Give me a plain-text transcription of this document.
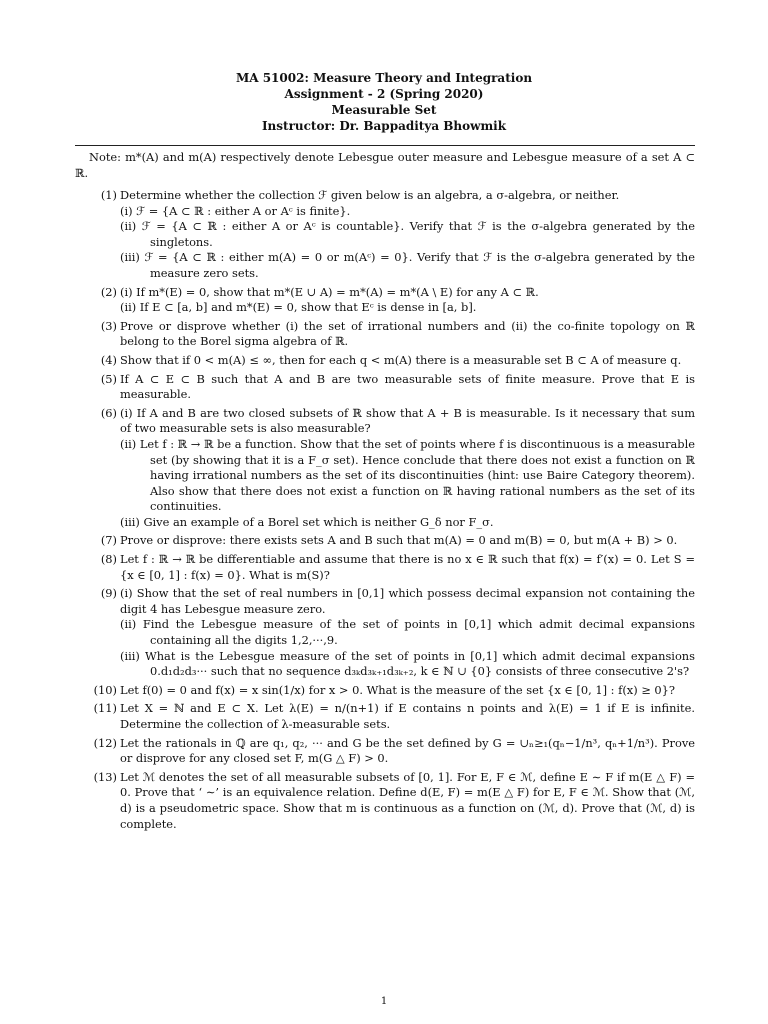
MA 51002: Measure Theory and Integration
Assignment - 2 (Spring 2020)
Measurable Set
Instructor: Dr. Bappaditya Bhowmik
Note: m*(A) and m(A) respectively denote Lebesgue outer measure and Lebesgue measure of a set A ⊂ ℝ.
(1) Determine whether the collection ℱ given below is an algebra, a σ-algebra, or neither.
(i) ℱ = {A ⊂ ℝ : either A or Aᶜ is finite}.
(ii) ℱ = {A ⊂ ℝ : either A or Aᶜ is countable}. Verify that ℱ is the σ-algebra generated by the singletons.
(iii) ℱ = {A ⊂ ℝ : either m(A) = 0 or m(Aᶜ) = 0}. Verify that ℱ is the σ-algebra generated by the measure zero sets.
(2) (i) If m*(E) = 0, show that m*(E ∪ A) = m*(A) = m*(A \ E) for any A ⊂ ℝ.
(ii) If E ⊂ [a, b] and m*(E) = 0, show that Eᶜ is dense in [a, b].
(3) Prove or disprove whether (i) the set of irrational numbers and (ii) the co-finite topology on ℝ belong to the Borel sigma algebra of ℝ.
(4) Show that if 0 < m(A) ≤ ∞, then for each q < m(A) there is a measurable set B ⊂ A of measure q.
(5) If A ⊂ E ⊂ B such that A and B are two measurable sets of finite measure. Prove that E is measurable.
(6) (i) If A and B are two closed subsets of ℝ show that A + B is measurable. Is it necessary that sum of two measurable sets is also measurable?
(ii) Let f : ℝ → ℝ be a function. Show that the set of points where f is discontinuous is a measurable set (by showing that it is a F_σ set). Hence conclude that there does not exist a function on ℝ having irrational numbers as the set of its discontinuities (hint: use Baire Category theorem). Also show that there does not exist a function on ℝ having rational numbers as the set of its continuities.
(iii) Give an example of a Borel set which is neither G_δ nor F_σ.
(7) Prove or disprove: there exists sets A and B such that m(A) = 0 and m(B) = 0, but m(A + B) > 0.
(8) Let f : ℝ → ℝ be differentiable and assume that there is no x ∈ ℝ such that f(x) = f′(x) = 0. Let S = {x ∈ [0, 1] : f(x) = 0}. What is m(S)?
(9) (i) Show that the set of real numbers in [0,1] which possess decimal expansion not containing the digit 4 has Lebesgue measure zero.
(ii) Find the Lebesgue measure of the set of points in [0,1] which admit decimal expansions containing all the digits 1,2,···,9.
(iii) What is the Lebesgue measure of the set of points in [0,1] which admit decimal expansions 0.d₁d₂d₃··· such that no sequence d₃ₖd₃ₖ₊₁d₃ₖ₊₂, k ∈ ℕ ∪ {0} consists of three consecutive 2's?
(10) Let f(0) = 0 and f(x) = x sin(1/x) for x > 0. What is the measure of the set {x ∈ [0, 1] : f(x) ≥ 0}?
(11) Let X = ℕ and E ⊂ X. Let λ(E) = n/(n+1) if E contains n points and λ(E) = 1 if E is infinite. Determine the collection of λ-measurable sets.
(12) Let the rationals in ℚ are q₁, q₂, ··· and G be the set defined by G = ∪ₙ≥₁(qₙ−1/n³, qₙ+1/n³). Prove or disprove for any closed set F, m(G △ F) > 0.
(13) Let ℳ denotes the set of all measurable subsets of [0, 1]. For E, F ∈ ℳ, define E ∼ F if m(E △ F) = 0. Prove that ‘ ∼’ is an equivalence relation. Define d(E, F) = m(E △ F) for E, F ∈ ℳ. Show that (ℳ, d) is a pseudometric space. Show that m is continuous as a function on (ℳ, d). Prove that (ℳ, d) is complete.
1
